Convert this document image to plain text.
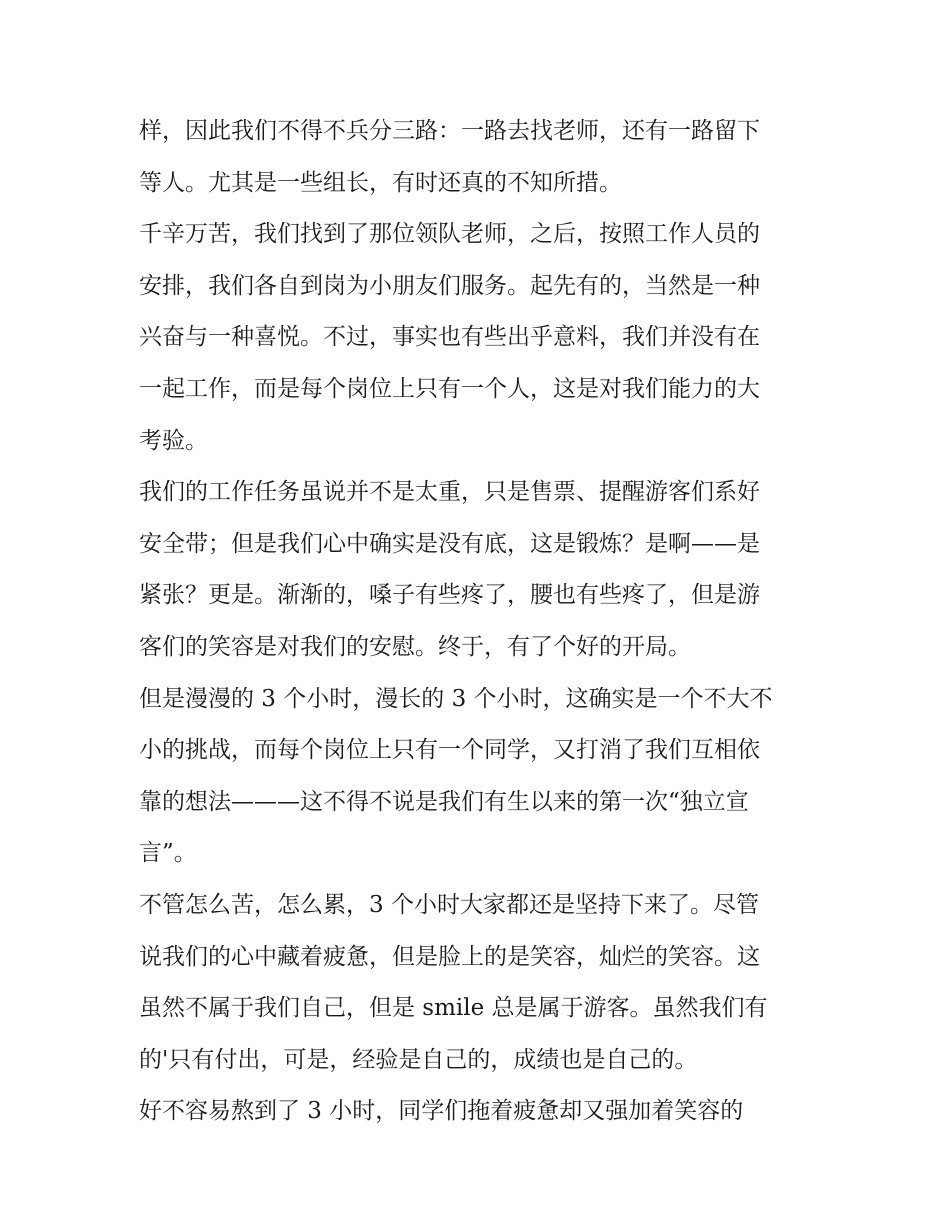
样，因此我们不得不兵分三路：一路去找老师，还有一路留下
等人。尤其是一些组长，有时还真的不知所措。

千辛万苦，我们找到了那位领队老师，之后，按照工作人员的
安排，我们各自到岗为小朋友们服务。起先有的，当然是一种
兴奋与一种喜悦。不过，事实也有些出乎意料，我们并没有在
一起工作，而是每个岗位上只有一个人，这是对我们能力的大
考验。

我们的工作任务虽说并不是太重，只是售票、提醒游客们系好
安全带；但是我们心中确实是没有底，这是锻炼？是啊——是
紧张？更是。渐渐的，嗓子有些疼了，腰也有些疼了，但是游
客们的笑容是对我们的安慰。终于，有了个好的开局。

但是漫漫的 3 个小时，漫长的 3 个小时，这确实是一个不大不
小的挑战，而每个岗位上只有一个同学，又打消了我们互相依
靠的想法———这不得不说是我们有生以来的第一次“独立宣
言”。

不管怎么苦，怎么累，3 个小时大家都还是坚持下来了。尽管
说我们的心中藏着疲惫，但是脸上的是笑容，灿烂的笑容。这
虽然不属于我们自己，但是 smile 总是属于游客。虽然我们有
的'只有付出，可是，经验是自己的，成绩也是自己的。

好不容易熬到了 3 小时，同学们拖着疲惫却又强加着笑容的
